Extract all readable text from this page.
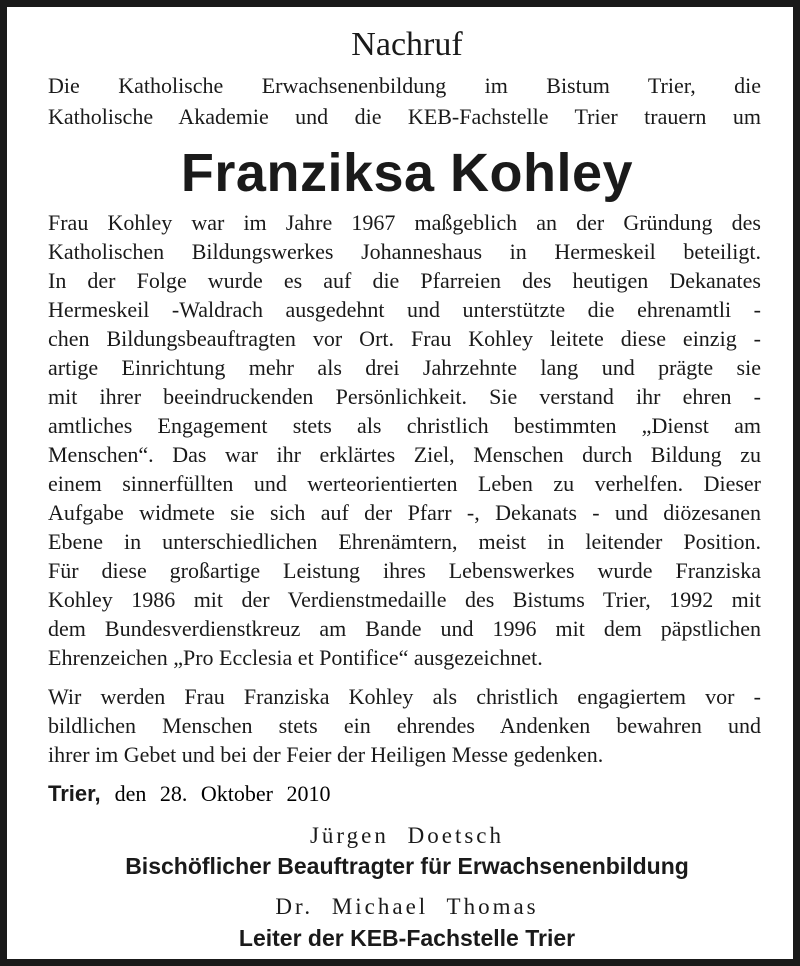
Nachruf
Die Katholische Erwachsenenbildung im Bistum Trier, die
Katholische Akademie und die KEB-Fachstelle Trier trauern um
Franziksa Kohley
Frau Kohley war im Jahre 1967 maßgeblich an der Gründung des
Katholischen Bildungswerkes Johanneshaus in Hermeskeil beteiligt.
In der Folge wurde es auf die Pfarreien des heutigen Dekanates
Hermeskeil -Waldrach ausgedehnt und unterstützte die ehrenamtli -
chen Bildungsbeauftragten vor Ort. Frau Kohley leitete diese einzig -
artige Einrichtung mehr als drei Jahrzehnte lang und prägte sie
mit ihrer beeindruckenden Persönlichkeit. Sie verstand ihr ehren -
amtliches Engagement stets als christlich bestimmten „Dienst am
Menschen“. Das war ihr erklärtes Ziel, Menschen durch Bildung zu
einem sinnerfüllten und werteorientierten Leben zu verhelfen. Dieser
Aufgabe widmete sie sich auf der Pfarr -, Dekanats - und diözesanen
Ebene in unterschiedlichen Ehrenämtern, meist in leitender Position.
Für diese großartige Leistung ihres Lebenswerkes wurde Franziska
Kohley 1986 mit der Verdienstmedaille des Bistums Trier, 1992 mit
dem Bundesverdienstkreuz am Bande und 1996 mit dem päpstlichen
Ehrenzeichen „Pro Ecclesia et Pontifice“ ausgezeichnet.
Wir werden Frau Franziska Kohley als christlich engagiertem vor -
bildlichen Menschen stets ein ehrendes Andenken bewahren und
ihrer im Gebet und bei der Feier der Heiligen Messe gedenken.
Trier, den 28. Oktober 2010
Jürgen Doetsch
Bischöflicher Beauftragter für Erwachsenenbildung
Dr. Michael Thomas
Leiter der KEB-Fachstelle Trier
